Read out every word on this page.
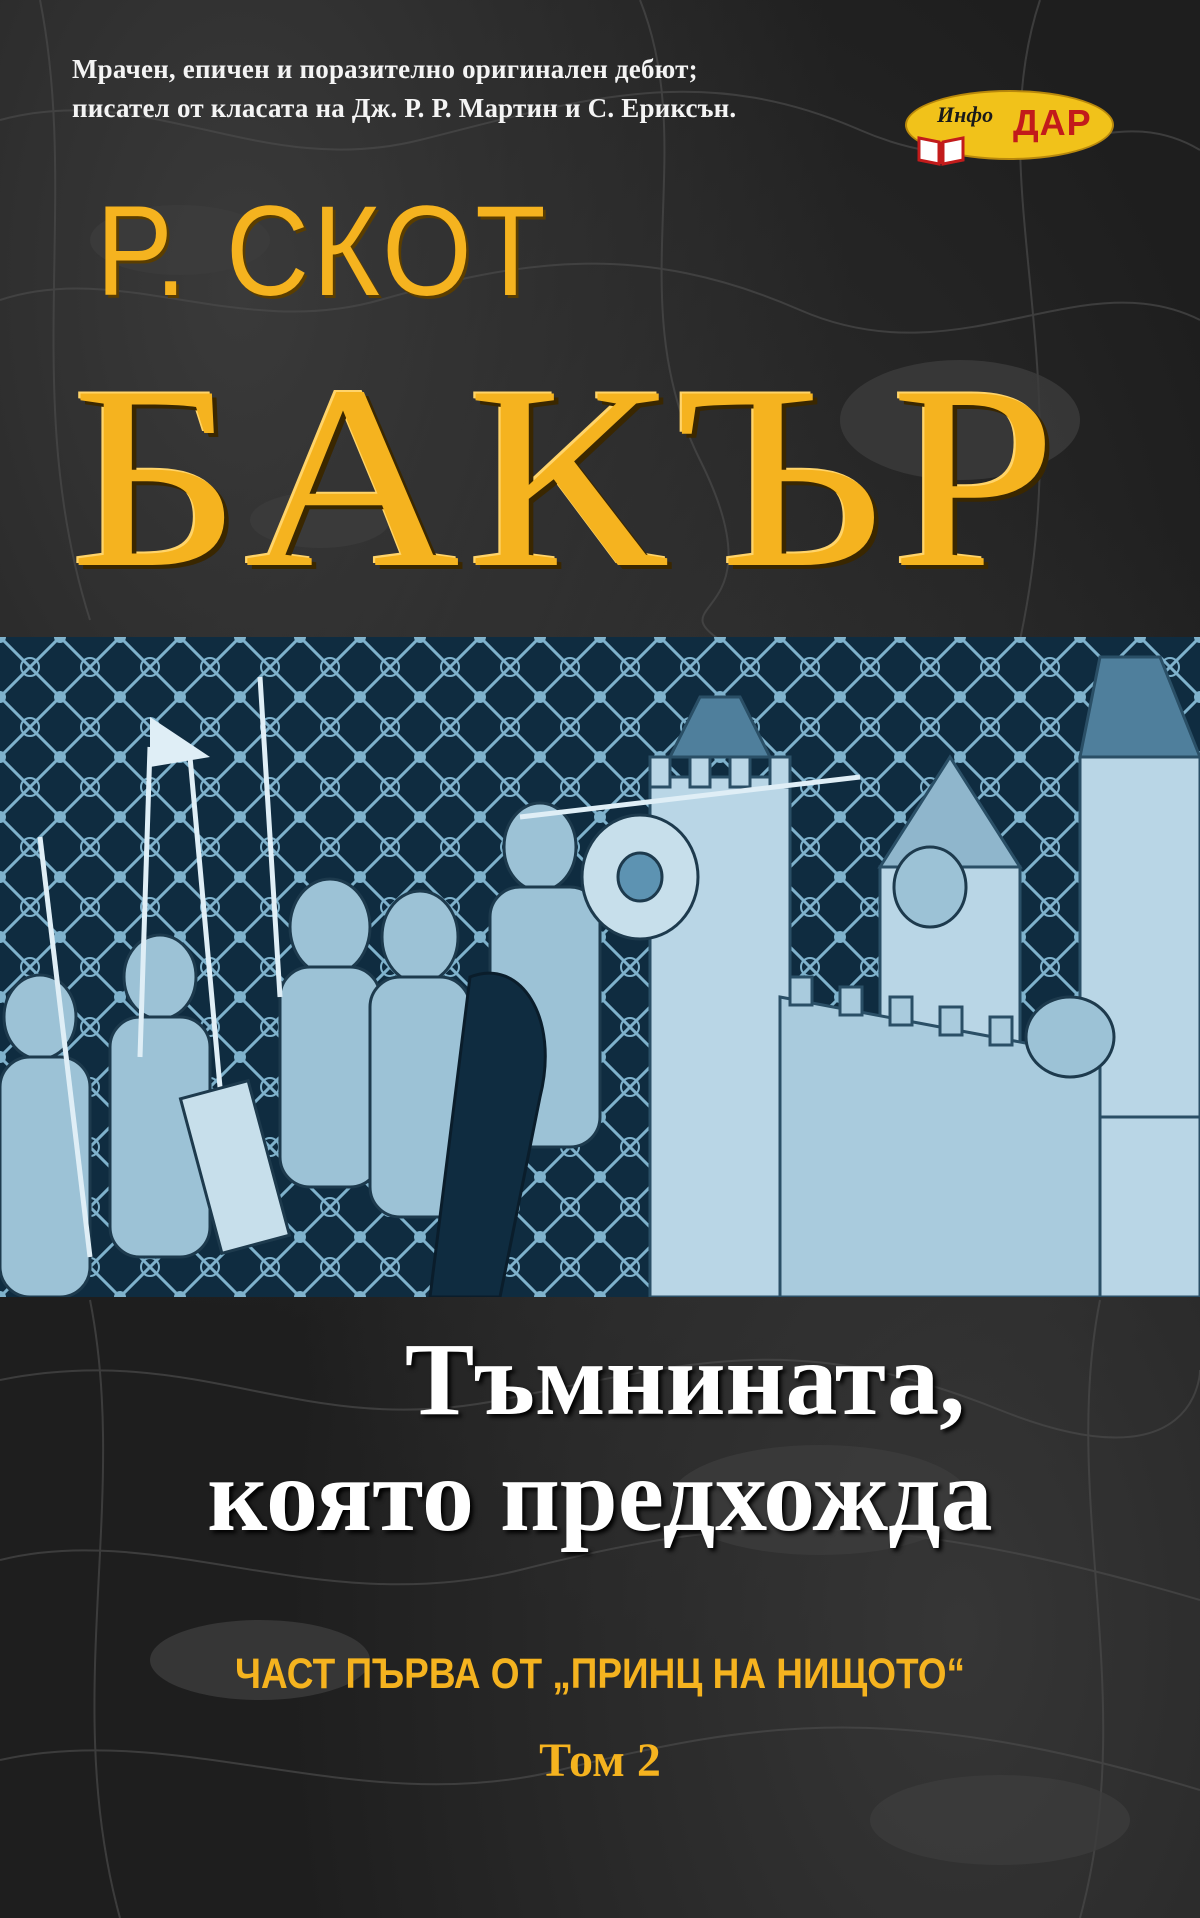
Мрачен, епичен и поразително оригинален дебют;
писател от класата на Дж. Р. Р. Мартин и С. Ериксън.	Инфо ДАР
Р. СКОТ
БАКЪР
Тъмнината,
която предхожда
ЧАСТ ПЪРВА ОТ „ПРИНЦ НА НИЩОТО“
Том 2
